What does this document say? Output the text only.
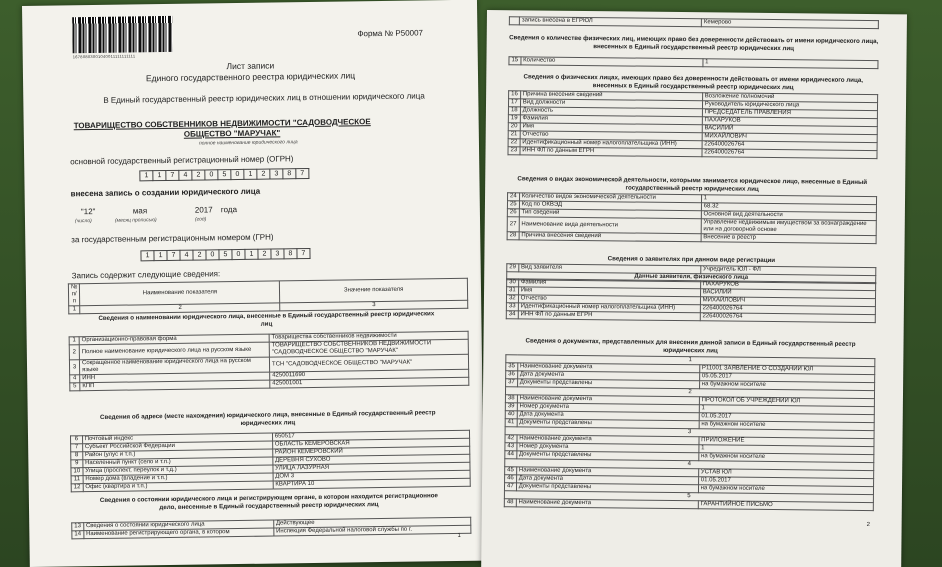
16780803001040011111111111
Форма № Р50007
Лист записи
Единого государственного реестра юридических лиц
В Единый государственный реестр юридических лиц в отношении юридического лица
ТОВАРИЩЕСТВО СОБСТВЕННИКОВ НЕДВИЖИМОСТИ "САДОВОДЧЕСКОЕ
ОБЩЕСТВО "МАРУЧАК"
полное наименование юридического лица
основной государственный регистрационный номер (ОГРН)
1	1	7	4	2	0	5	0	1	2	3	8	7
внесена запись о создании юридического лица
"12"	мая	2017 года
(число)	(месяц прописью)	(год)
за государственным регистрационным номером (ГРН)
1	1	7	4	2	0	5	0	1	2	3	8	7
Запись содержит следующие сведения:
№ п/п	Наименование показателя	Значение показателя
1	2	3
Сведения о наименовании юридического лица, внесенные в Единый государственный реестр юридических лиц
1	Организационно-правовая форма	Товарищества собственников недвижимости
2	Полное наименование юридического лица на русском языке	ТОВАРИЩЕСТВО СОБСТВЕННИКОВ НЕДВИЖИМОСТИ "САДОВОДЧЕСКОЕ ОБЩЕСТВО "МАРУЧАК"
3	Сокращенное наименование юридического лица на русском языке	ТСН "САДОВОДЧЕСКОЕ ОБЩЕСТВО "МАРУЧАК"
4	ИНН	4250011690
5	КПП	425001001
Сведения об адресе (месте нахождения) юридического лица, внесенные в Единый государственный реестр юридических лиц
6	Почтовый индекс	650517
7	Субъект Российской Федерации	ОБЛАСТЬ КЕМЕРОВСКАЯ
8	Район (улус и т.п.)	РАЙОН КЕМЕРОВСКИЙ
9	Населенный пункт (село и т.п.)	ДЕРЕВНЯ СУХОВО
10	Улица (проспект, переулок и т.д.)	УЛИЦА ЛАЗУРНАЯ
11	Номер дома (владение и т.п.)	ДОМ 3
12	Офис (квартира и т.п.)	КВАРТИРА 10
Сведения о состоянии юридического лица и регистрирующем органе, в котором находится регистрационное дело, внесенные в Единый государственный реестр юридических лиц
13	Сведения о состоянии юридического лица	Действующее
14	Наименование регистрирующего органа, в котором	Инспекция Федеральной налоговой службы по г.
1
	запись внесена в ЕГРЮЛ	Кемерово
Сведения о количестве физических лиц, имеющих право без доверенности действовать от имени юридического лица, внесенных в Единый государственный реестр юридических лиц
15	Количество	1
Сведения о физических лицах, имеющих право без доверенности действовать от имени юридического лица, внесенных в Единый государственный реестр юридических лиц
16	Причина внесения сведений	Возложение полномочий
17	Вид должности	Руководитель юридического лица
18	Должность	ПРЕДСЕДАТЕЛЬ ПРАВЛЕНИЯ
19	Фамилия	ПАХАРУКОВ
20	Имя	ВАСИЛИЙ
21	Отчество	МИХАЙЛОВИЧ
22	Идентификационный номер налогоплательщика (ИНН)	226400026764
23	ИНН ФЛ по данным ЕГРН	226400026764
Сведения о видах экономической деятельности, которыми занимается юридическое лицо, внесенные в Единый государственный реестр юридических лиц
24	Количество видов экономической деятельности	1
25	Код по ОКВЭД	68.32
26	Тип сведений	Основной вид деятельности
27	Наименование вида деятельности	Управление недвижимым имуществом за вознаграждение или на договорной основе
28	Причина внесения сведений	Внесение в реестр
Сведения о заявителях при данном виде регистрации
29	Вид заявителя	Учредитель ЮЛ - ФЛ
Данные заявителя, физического лица
30	Фамилия	ПАХАРУКОВ
31	Имя	ВАСИЛИЙ
32	Отчество	МИХАЙЛОВИЧ
33	Идентификационный номер налогоплательщика (ИНН)	226400026764
34	ИНН ФЛ по данным ЕГРН	226400026764
Сведения о документах, представленных для внесения данной записи в Единый государственный реестр юридических лиц
1		
35	Наименование документа	Р11001 ЗАЯВЛЕНИЕ О СОЗДАНИИ ЮЛ
36	Дата документа	05.05.2017
37	Документы представлены	на бумажном носителе
2		
38	Наименование документа	ПРОТОКОЛ ОБ УЧРЕЖДЕНИИ ЮЛ
39	Номер документа	1
40	Дата документа	01.05.2017
41	Документы представлены	на бумажном носителе
3		
42	Наименование документа	ПРИЛОЖЕНИЕ
43	Номер документа	1
44	Документы представлены	на бумажном носителе
4		
45	Наименование документа	УСТАВ ЮЛ
46	Дата документа	01.05.2017
47	Документы представлены	на бумажном носителе
5		
48	Наименование документа	ГАРАНТИЙНОЕ ПИСЬМО
2
